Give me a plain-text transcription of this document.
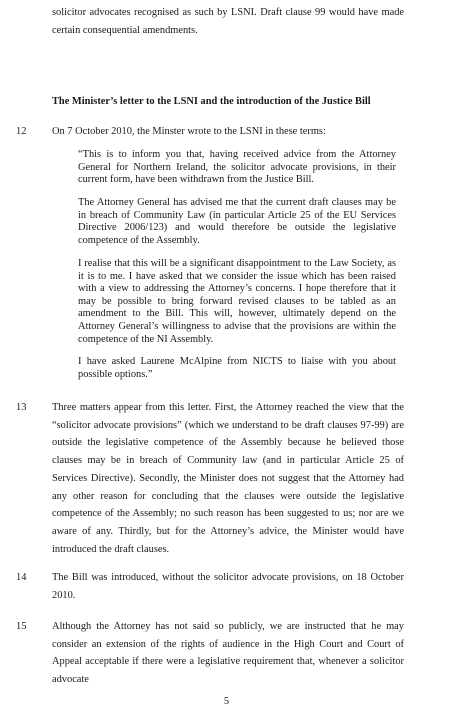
solicitor advocates recognised as such by LSNI. Draft clause 99 would have made certain consequential amendments.

The Minister’s letter to the LSNI and the introduction of the Justice Bill
12 On 7 October 2010, the Minster wrote to the LSNI in these terms:

“This is to inform you that, having received advice from the Attorney General for Northern Ireland, the solicitor advocate provisions, in their current form, have been withdrawn from the Justice Bill.

The Attorney General has advised me that the current draft clauses may be in breach of Community Law (in particular Article 25 of the EU Services Directive 2006/123) and would therefore be outside the legislative competence of the Assembly.

I realise that this will be a significant disappointment to the Law Society, as it is to me. I have asked that we consider the issue which has been raised with a view to addressing the Attorney’s concerns. I hope therefore that it may be possible to bring forward revised clauses to be tabled as an amendment to the Bill. This will, however, ultimately depend on the Attorney General’s willingness to advise that the provisions are within the competence of the NI Assembly.

I have asked Laurene McAlpine from NICTS to liaise with you about possible options.”

13 Three matters appear from this letter. First, the Attorney reached the view that the “solicitor advocate provisions” (which we understand to be draft clauses 97-99) are outside the legislative competence of the Assembly because he believed those clauses may be in breach of Community law (and in particular Article 25 of Services Directive). Secondly, the Minister does not suggest that the Attorney had any other reason for concluding that the clauses were outside the legislative competence of the Assembly; no such reason has been suggested to us; nor are we aware of any. Thirdly, but for the Attorney’s advice, the Minister would have introduced the draft clauses.

14 The Bill was introduced, without the solicitor advocate provisions, on 18 October 2010.

15 Although the Attorney has not said so publicly, we are instructed that he may consider an extension of the rights of audience in the High Court and Court of Appeal acceptable if there were a legislative requirement that, whenever a solicitor advocate

5
